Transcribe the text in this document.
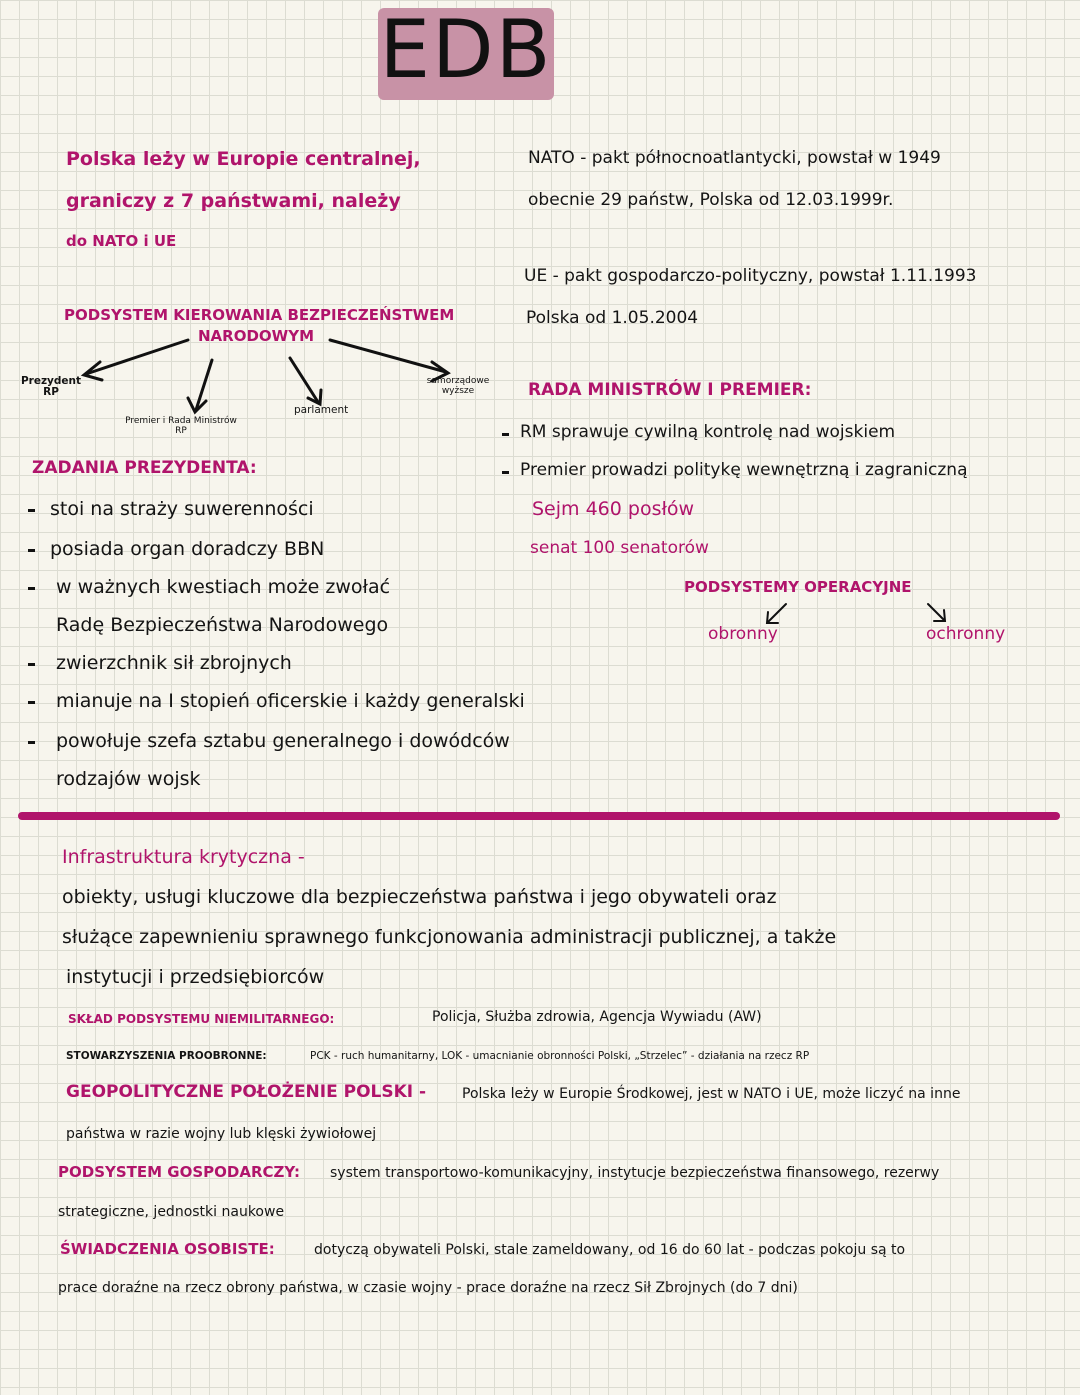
EDB
Polska leży w Europie centralnej,
graniczy z 7 państwami, należy
do NATO i UE
PODSYSTEM KIEROWANIA BEZPIECZEŃSTWEM
NARODOWYM
Prezydent RP
Premier i Rada Ministrów RP
parlament
samorządowe wyższe
ZADANIA PREZYDENTA:
stoi na straży suwerenności
posiada organ doradczy BBN
w ważnych kwestiach może zwołać
Radę Bezpieczeństwa Narodowego
zwierzchnik sił zbrojnych
mianuje na I stopień oficerskie i każdy generalski
powołuje szefa sztabu generalnego i dowódców
rodzajów wojsk
NATO - pakt północnoatlantycki, powstał w 1949
obecnie 29 państw, Polska od 12.03.1999r.
UE - pakt gospodarczo-polityczny, powstał 1.11.1993
Polska od 1.05.2004
RADA MINISTRÓW I PREMIER:
RM sprawuje cywilną kontrolę nad wojskiem
Premier prowadzi politykę wewnętrzną i zagraniczną
Sejm 460 posłów
senat 100 senatorów
PODSYSTEMY OPERACYJNE
obronny	ochronny
Infrastruktura krytyczna -
obiekty, usługi kluczowe dla bezpieczeństwa państwa i jego obywateli oraz
służące zapewnieniu sprawnego funkcjonowania administracji publicznej, a także
instytucji i przedsiębiorców
SKŁAD PODSYSTEMU NIEMILITARNEGO:	Policja, Służba zdrowia, Agencja Wywiadu (AW)
STOWARZYSZENIA PROOBRONNE:	PCK - ruch humanitarny, LOK - umacnianie obronności Polski, „Strzelec” - działania na rzecz RP
GEOPOLITYCZNE POŁOŻENIE POLSKI -	Polska leży w Europie Środkowej, jest w NATO i UE, może liczyć na inne
państwa w razie wojny lub klęski żywiołowej
PODSYSTEM GOSPODARCZY: system transportowo-komunikacyjny, instytucje bezpieczeństwa finansowego, rezerwy
strategiczne, jednostki naukowe
ŚWIADCZENIA OSOBISTE:	dotyczą obywateli Polski, stale zameldowany, od 16 do 60 lat - podczas pokoju są to
prace doraźne na rzecz obrony państwa, w czasie wojny - prace doraźne na rzecz Sił Zbrojnych (do 7 dni)
